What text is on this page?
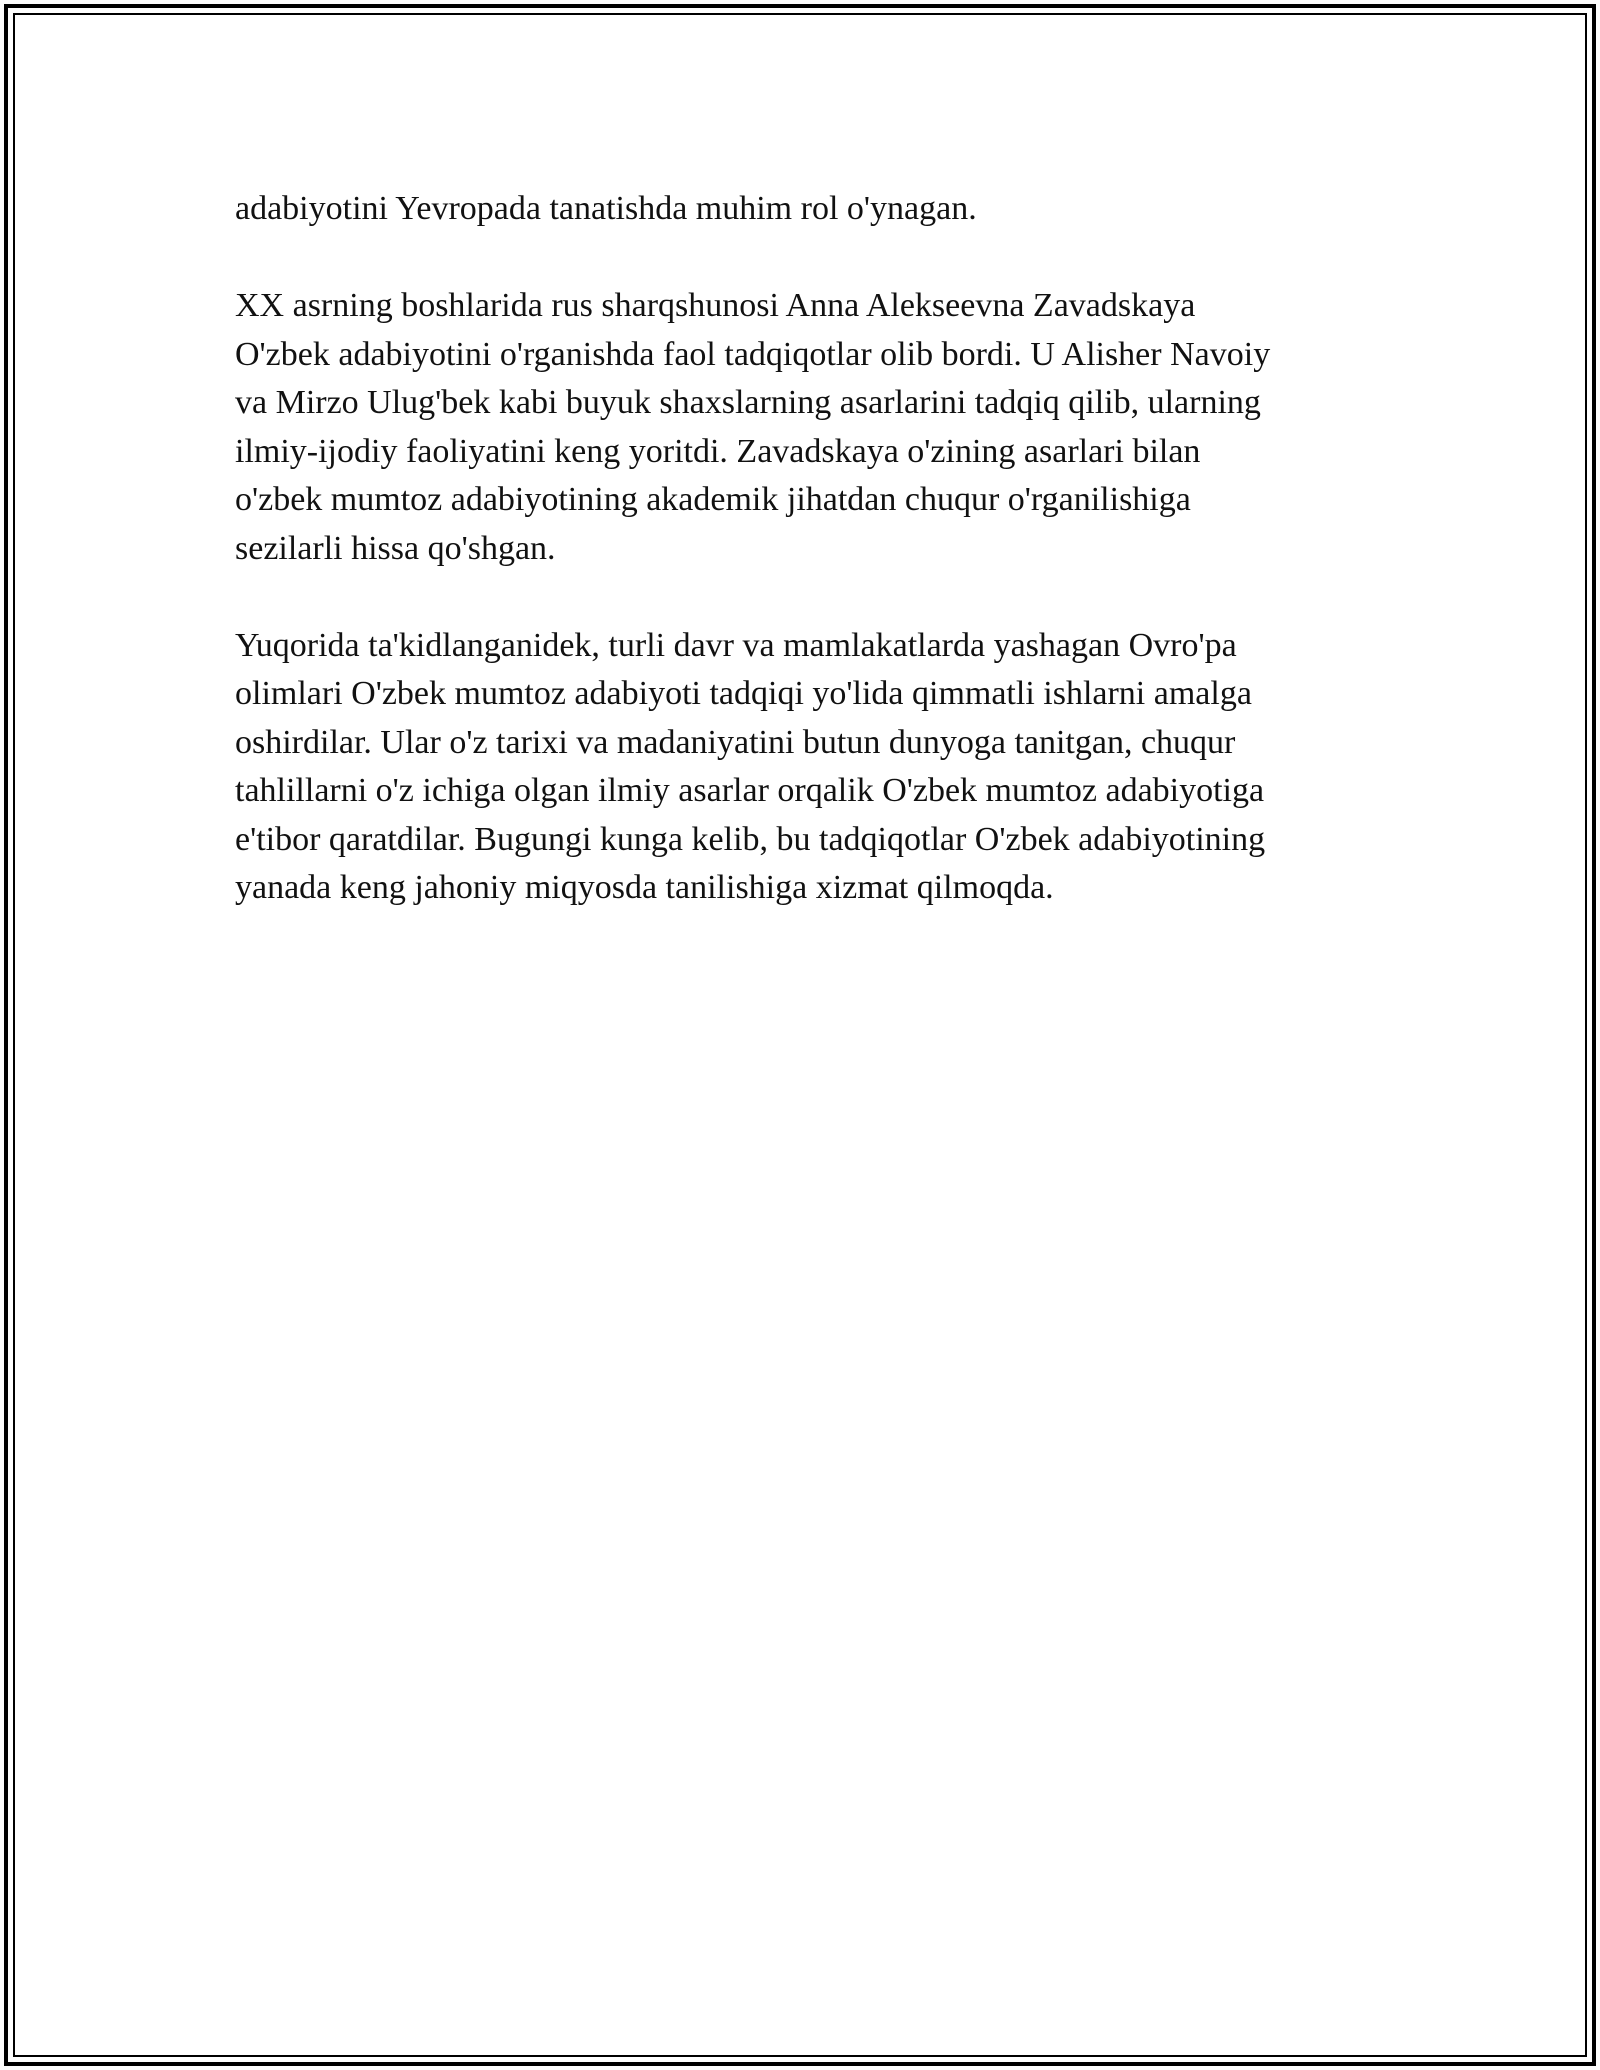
adabiyotini Yevropada tanatishda muhim rol o'ynagan.

XX asrning boshlarida rus sharqshunosi Anna Alekseevna Zavadskaya
O'zbek adabiyotini o'rganishda faol tadqiqotlar olib bordi. U Alisher Navoiy
va Mirzo Ulug'bek kabi buyuk shaxslarning asarlarini tadqiq qilib, ularning
ilmiy-ijodiy faoliyatini keng yoritdi. Zavadskaya o'zining asarlari bilan
o'zbek mumtoz adabiyotining akademik jihatdan chuqur o'rganilishiga
sezilarli hissa qo'shgan.

Yuqorida ta'kidlanganidek, turli davr va mamlakatlarda yashagan Ovro'pa
olimlari O'zbek mumtoz adabiyoti tadqiqi yo'lida qimmatli ishlarni amalga
oshirdilar. Ular o'z tarixi va madaniyatini butun dunyoga tanitgan, chuqur
tahlillarni o'z ichiga olgan ilmiy asarlar orqalik O'zbek mumtoz adabiyotiga
e'tibor qaratdilar. Bugungi kunga kelib, bu tadqiqotlar O'zbek adabiyotining
yanada keng jahoniy miqyosda tanilishiga xizmat qilmoqda.
